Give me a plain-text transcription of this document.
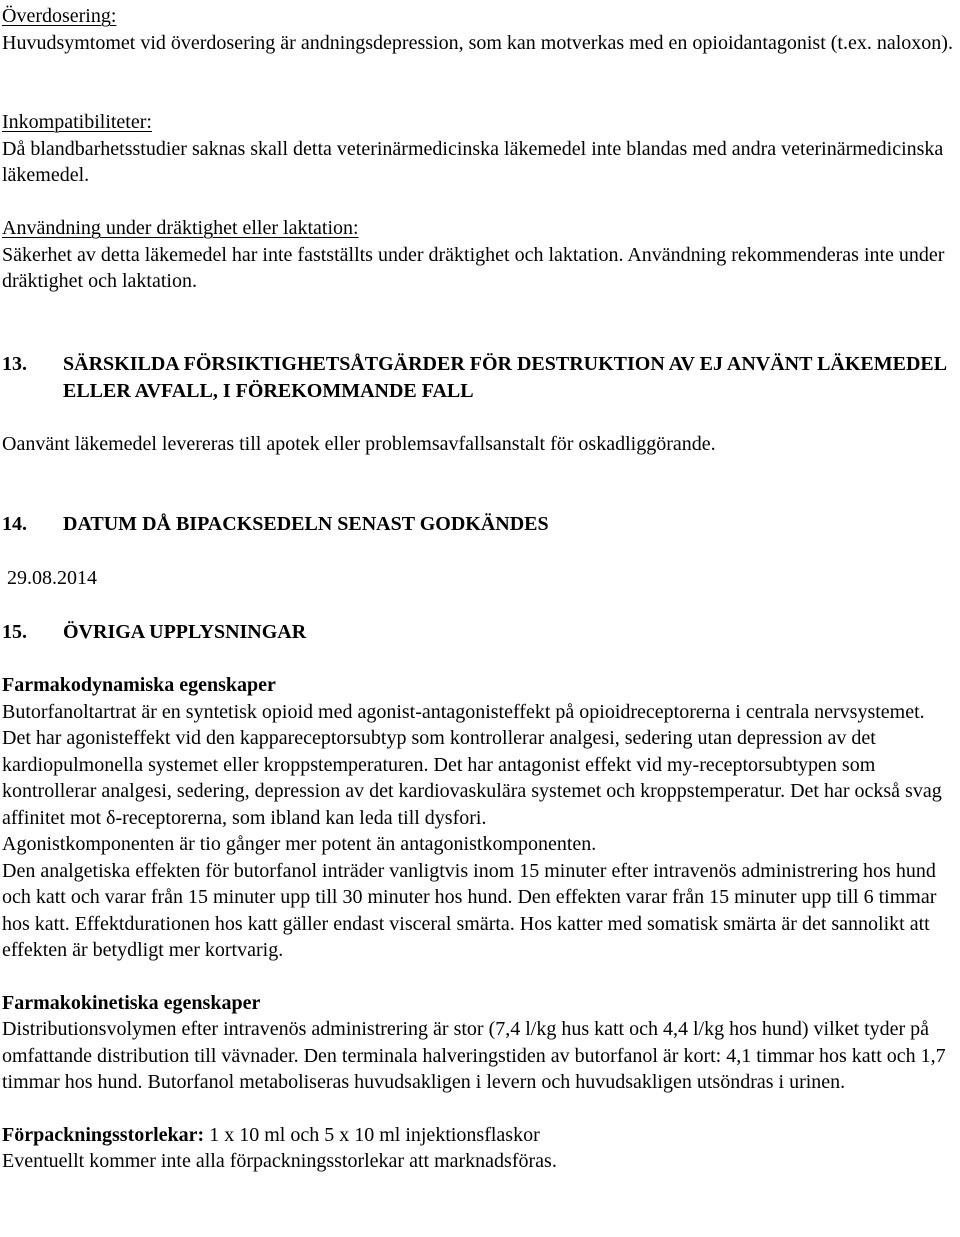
Överdosering:

Huvudsymtomet vid överdosering är andningsdepression, som kan motverkas med en opioidantagonist (t.ex. naloxon).

Inkompatibiliteter:

Då blandbarhetsstudier saknas skall detta veterinärmedicinska läkemedel inte blandas med andra veterinärmedicinska läkemedel.

Användning under dräktighet eller laktation:

Säkerhet av detta läkemedel har inte fastställts under dräktighet och laktation. Användning rekommenderas inte under dräktighet och laktation.

13.	SÄRSKILDA FÖRSIKTIGHETSÅTGÄRDER FÖR DESTRUKTION AV EJ ANVÄNT LÄKEMEDEL ELLER AVFALL, I FÖREKOMMANDE FALL

Oanvänt läkemedel levereras till apotek eller problemsavfallsanstalt för oskadliggörande.

14.	DATUM DÅ BIPACKSEDELN SENAST GODKÄNDES

29.08.2014

15.	ÖVRIGA UPPLYSNINGAR

Farmakodynamiska egenskaper

Butorfanoltartrat är en syntetisk opioid med agonist-antagonisteffekt på opioidreceptorerna i centrala nervsystemet. Det har agonisteffekt vid den kappareceptorsubtyp som kontrollerar analgesi, sedering utan depression av det kardiopulmonella systemet eller kroppstemperaturen. Det har antagonist effekt vid my-receptorsubtypen som kontrollerar analgesi, sedering, depression av det kardiovaskulära systemet och kroppstemperatur. Det har också svag affinitet mot δ-receptorerna, som ibland kan leda till dysfori.

Agonistkomponenten är tio gånger mer potent än antagonistkomponenten.

Den analgetiska effekten för butorfanol inträder vanligtvis inom 15 minuter efter intravenös administrering hos hund och katt och varar från 15 minuter upp till 30 minuter hos hund. Den effekten varar från 15 minuter upp till 6 timmar hos katt. Effektdurationen hos katt gäller endast visceral smärta. Hos katter med somatisk smärta är det sannolikt att effekten är betydligt mer kortvarig.

Farmakokinetiska egenskaper

Distributionsvolymen efter intravenös administrering är stor (7,4 l/kg hus katt och 4,4 l/kg hos hund) vilket tyder på omfattande distribution till vävnader. Den terminala halveringstiden av butorfanol är kort: 4,1 timmar hos katt och 1,7 timmar hos hund. Butorfanol metaboliseras huvudsakligen i levern och huvudsakligen utsöndras i urinen.

Förpackningsstorlekar: 1 x 10 ml och 5 x 10 ml injektionsflaskor

Eventuellt kommer inte alla förpackningsstorlekar att marknadsföras.
